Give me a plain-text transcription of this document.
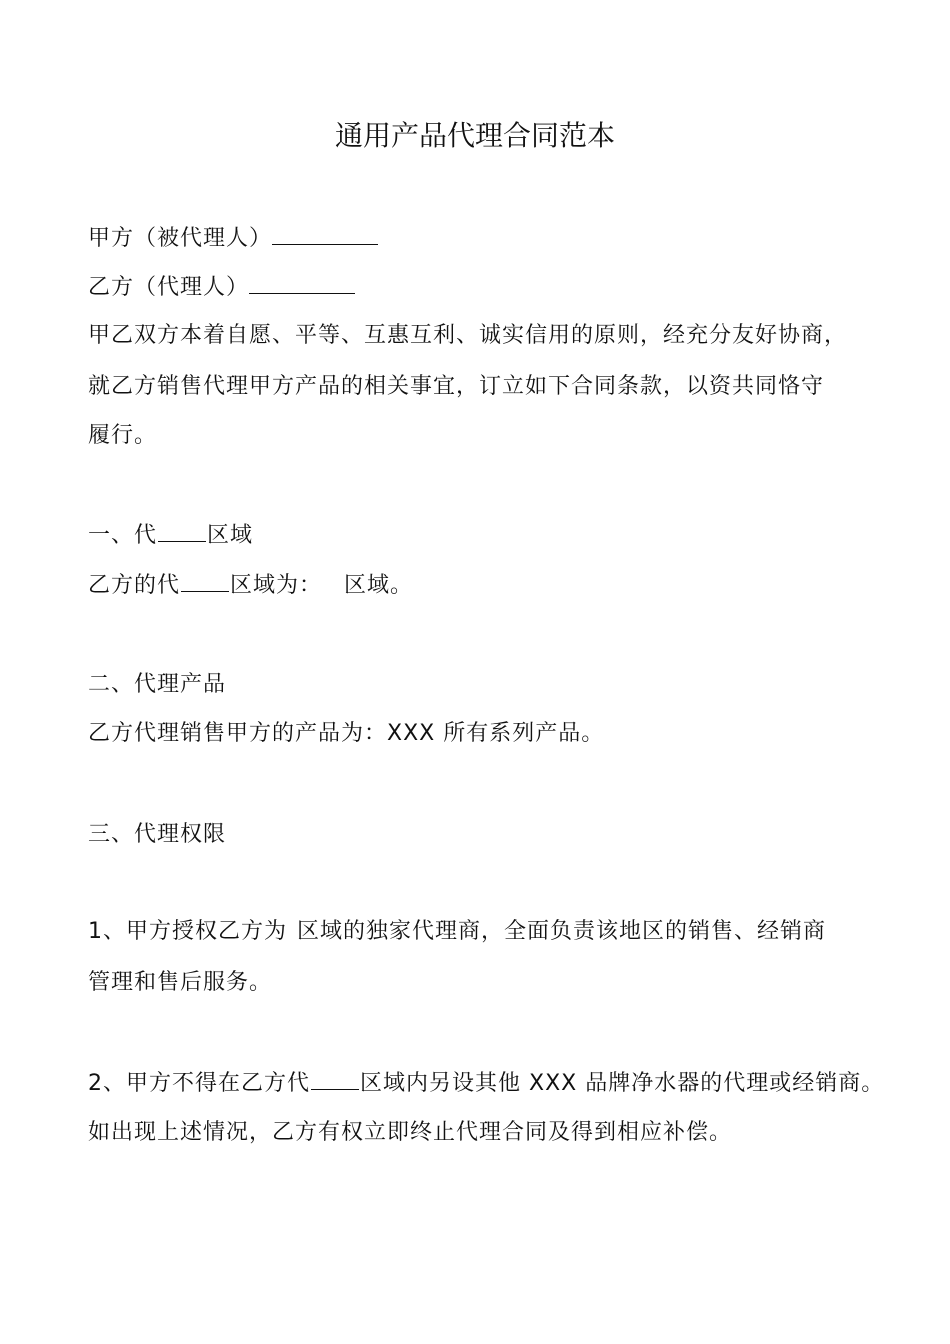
通用产品代理合同范本
甲方（被代理人）
乙方（代理人）
甲乙双方本着自愿、平等、互惠互利、诚实信用的原则，经充分友好协商，
就乙方销售代理甲方产品的相关事宜，订立如下合同条款，以资共同恪守
履行。
一、代 区域
乙方的代 区域为： 区域。
二、代理产品
乙方代理销售甲方的产品为：XXX 所有系列产品。
三、代理权限
1、甲方授权乙方为 区域的独家代理商，全面负责该地区的销售、经销商
管理和售后服务。
2、甲方不得在乙方代 区域内另设其他 XXX 品牌净水器的代理或经销商。
如出现上述情况，乙方有权立即终止代理合同及得到相应补偿。
